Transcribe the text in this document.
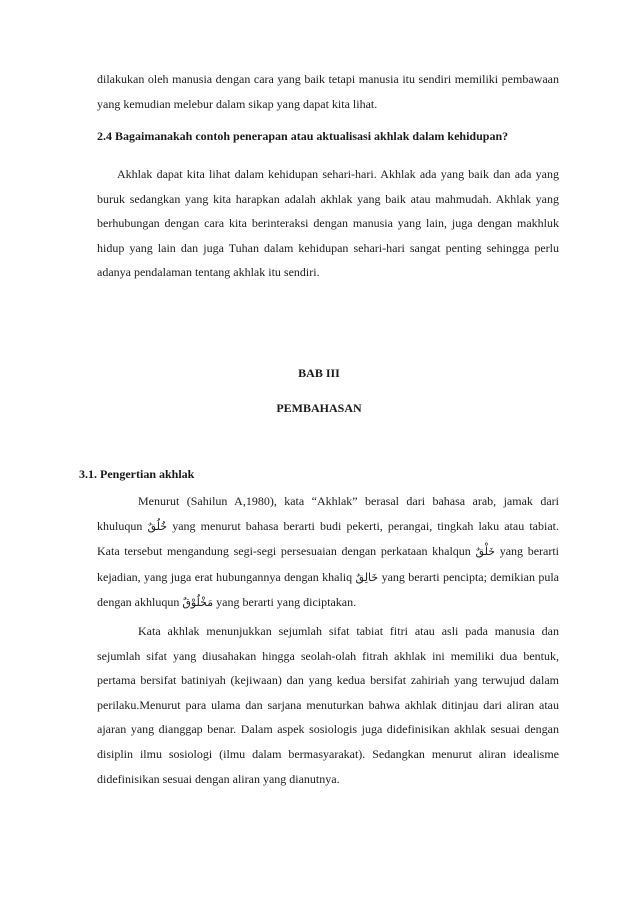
dilakukan oleh manusia dengan cara yang baik tetapi manusia itu sendiri memiliki pembawaan yang kemudian melebur dalam sikap yang dapat kita lihat.

2.4 Bagaimanakah contoh penerapan atau aktualisasi akhlak dalam kehidupan?

Akhlak dapat kita lihat dalam kehidupan sehari-hari. Akhlak ada yang baik dan ada yang buruk sedangkan yang kita harapkan adalah akhlak yang baik atau mahmudah. Akhlak yang berhubungan dengan cara kita berinteraksi dengan manusia yang lain, juga dengan makhluk hidup yang lain dan juga Tuhan dalam kehidupan sehari-hari sangat penting sehingga perlu adanya pendalaman tentang akhlak itu sendiri.

BAB III

PEMBAHASAN

3.1. Pengertian akhlak

Menurut (Sahilun A,1980), kata “Akhlak” berasal dari bahasa arab, jamak dari khuluqun خُلُقٌ yang menurut bahasa berarti budi pekerti, perangai, tingkah laku atau tabiat. Kata tersebut mengandung segi-segi persesuaian dengan perkataan khalqun خَلْقٌ yang berarti kejadian, yang juga erat hubungannya dengan khaliq خَالِقٌ yang berarti pencipta; demikian pula dengan akhluqun مَخْلُوْقٌ yang berarti yang diciptakan.

Kata akhlak menunjukkan sejumlah sifat tabiat fitri atau asli pada manusia dan sejumlah sifat yang diusahakan hingga seolah-olah fitrah akhlak ini memiliki dua bentuk, pertama bersifat batiniyah (kejiwaan) dan yang kedua bersifat zahiriah yang terwujud dalam perilaku.Menurut para ulama dan sarjana menuturkan bahwa akhlak ditinjau dari aliran atau ajaran yang dianggap benar. Dalam aspek sosiologis juga didefinisikan akhlak sesuai dengan disiplin ilmu sosiologi (ilmu dalam bermasyarakat). Sedangkan menurut aliran idealisme didefinisikan sesuai dengan aliran yang dianutnya.
